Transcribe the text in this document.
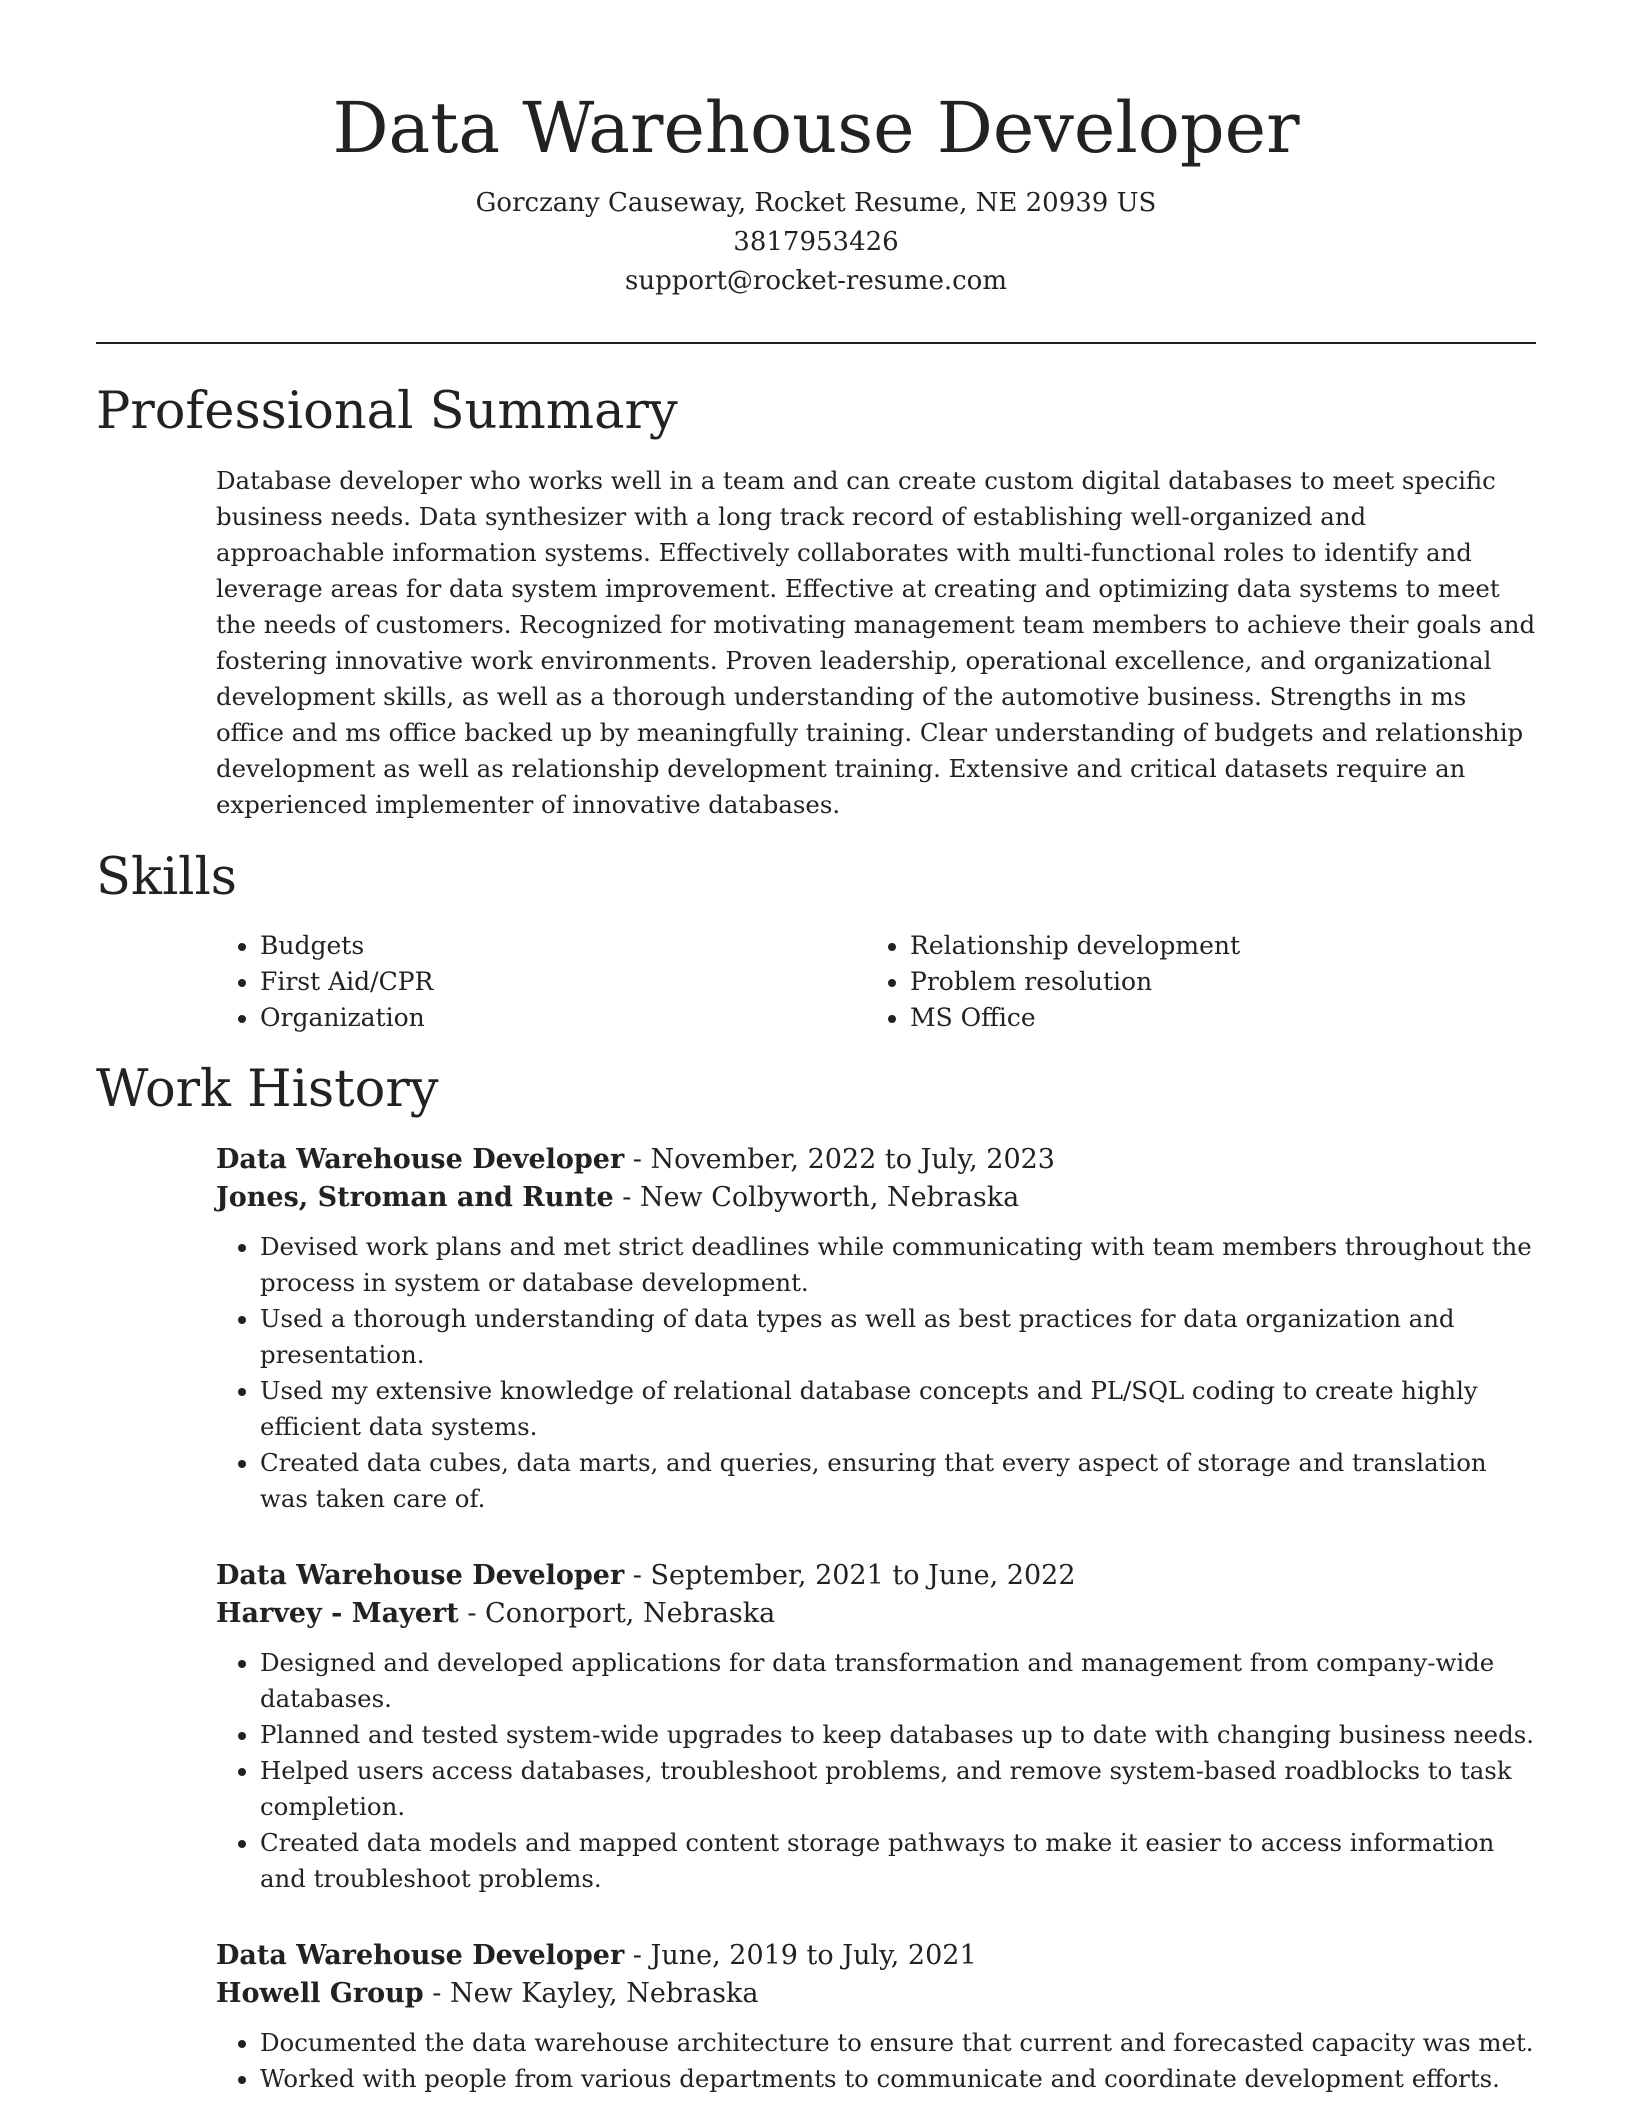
Data Warehouse Developer
Gorczany Causeway, Rocket Resume, NE 20939 US
3817953426
support@rocket-resume.com
Professional Summary

Database developer who works well in a team and can create custom digital databases to meet specific business needs. Data synthesizer with a long track record of establishing well-organized and approachable information systems. Effectively collaborates with multi-functional roles to identify and leverage areas for data system improvement. Effective at creating and optimizing data systems to meet the needs of customers. Recognized for motivating management team members to achieve their goals and fostering innovative work environments. Proven leadership, operational excellence, and organizational development skills, as well as a thorough understanding of the automotive business. Strengths in ms office and ms office backed up by meaningfully training. Clear understanding of budgets and relationship development as well as relationship development training. Extensive and critical datasets require an experienced implementer of innovative databases.

Skills
• Budgets
• First Aid/CPR
• Organization
• Relationship development
• Problem resolution
• MS Office
Work History
Data Warehouse Developer - November, 2022 to July, 2023
Jones, Stroman and Runte - New Colbyworth, Nebraska
• Devised work plans and met strict deadlines while communicating with team members throughout the process in system or database development.
• Used a thorough understanding of data types as well as best practices for data organization and presentation.
• Used my extensive knowledge of relational database concepts and PL/SQL coding to create highly efficient data systems.
• Created data cubes, data marts, and queries, ensuring that every aspect of storage and translation was taken care of.
Data Warehouse Developer - September, 2021 to June, 2022
Harvey - Mayert - Conorport, Nebraska
• Designed and developed applications for data transformation and management from company-wide databases.
• Planned and tested system-wide upgrades to keep databases up to date with changing business needs.
• Helped users access databases, troubleshoot problems, and remove system-based roadblocks to task completion.
• Created data models and mapped content storage pathways to make it easier to access information and troubleshoot problems.
Data Warehouse Developer - June, 2019 to July, 2021
Howell Group - New Kayley, Nebraska
• Documented the data warehouse architecture to ensure that current and forecasted capacity was met.
• Worked with people from various departments to communicate and coordinate development efforts.
